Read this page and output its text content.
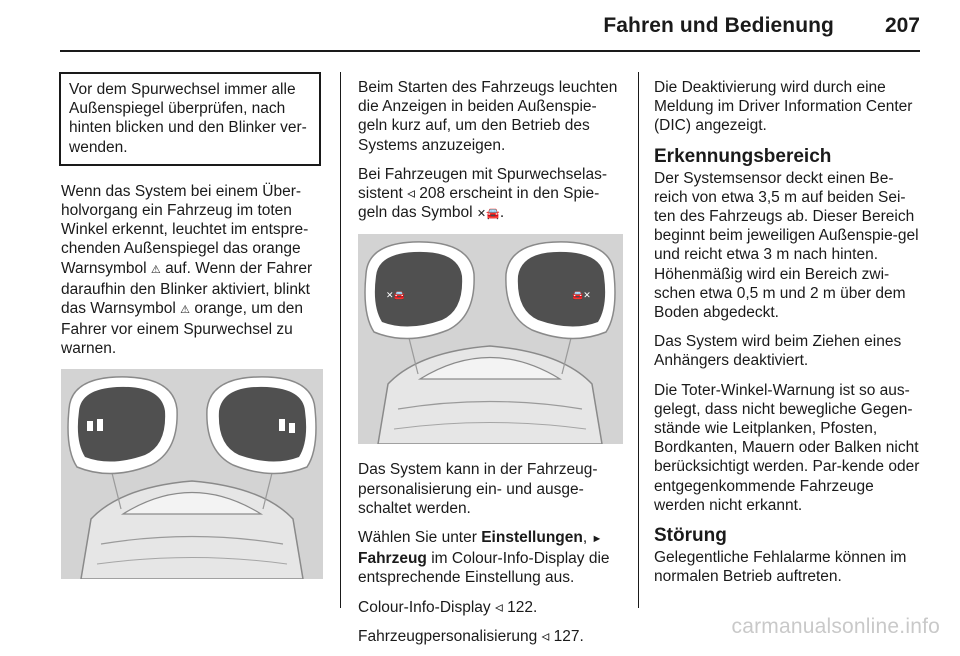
Fahren und Bedienung 207

Vor dem Spurwechsel immer alle Außenspiegel überprüfen, nach hinten blicken und den Blinker ver-wenden.

Wenn das System bei einem Über-holvorgang ein Fahrzeug im toten Winkel erkennt, leuchtet im entspre-chenden Außenspiegel das orange Warnsymbol ⚠︎ auf. Wenn der Fahrer daraufhin den Blinker aktiviert, blinkt das Warnsymbol ⚠︎ orange, um den Fahrer vor einem Spurwechsel zu warnen.

Beim Starten des Fahrzeugs leuchten die Anzeigen in beiden Außenspie-geln kurz auf, um den Betrieb des Systems anzuzeigen.

Bei Fahrzeugen mit Spurwechselas-sistent ◃ 208 erscheint in den Spie-geln das Symbol ✕🚘.

✕🚘	🚘✕

Das System kann in der Fahrzeug-personalisierung ein- und ausge-schaltet werden.

Wählen Sie unter Einstellungen, ► Fahrzeug im Colour-Info-Display die entsprechende Einstellung aus.

Colour-Info-Display ◃ 122.

Fahrzeugpersonalisierung ◃ 127.

Die Deaktivierung wird durch eine Meldung im Driver Information Center (DIC) angezeigt.

Erkennungsbereich

Der Systemsensor deckt einen Be-reich von etwa 3,5 m auf beiden Sei-ten des Fahrzeugs ab. Dieser Bereich beginnt beim jeweiligen Außenspie-gel und reicht etwa 3 m nach hinten. Höhenmäßig wird ein Bereich zwi-schen etwa 0,5 m und 2 m über dem Boden abgedeckt.

Das System wird beim Ziehen eines Anhängers deaktiviert.

Die Toter-Winkel-Warnung ist so aus-gelegt, dass nicht bewegliche Gegen-stände wie Leitplanken, Pfosten, Bordkanten, Mauern oder Balken nicht berücksichtigt werden. Par-kende oder entgegenkommende Fahrzeuge werden nicht erkannt.

Störung

Gelegentliche Fehlalarme können im normalen Betrieb auftreten.

carmanualsonline.info
